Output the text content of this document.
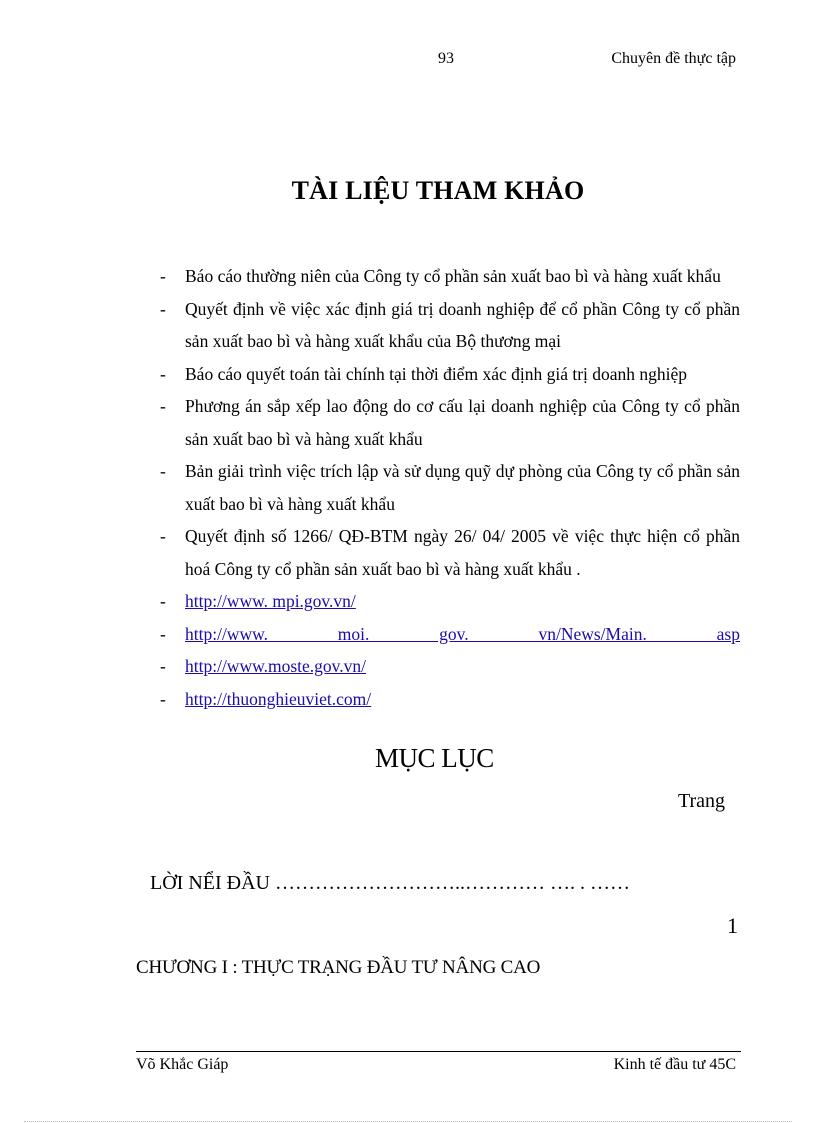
93	Chuyên đề thực tập
TÀI LIỆU THAM KHẢO
- Báo cáo thường niên của Công ty cổ phần sản xuất bao bì và hàng xuất khẩu
- Quyết định về việc xác định giá trị doanh nghiệp để cổ phần Công ty cổ phần sản xuất bao bì và hàng xuất khẩu của Bộ thương mại
- Báo cáo quyết toán tài chính tại thời điểm xác định giá trị doanh nghiệp
- Phương án sắp xếp lao động do cơ cấu lại doanh nghiệp của Công ty cổ phần sản xuất bao bì và hàng xuất khẩu
- Bản giải trình việc trích lập và sử dụng quỹ dự phòng của Công ty cổ phần sản xuất bao bì và hàng xuất khẩu
- Quyết định số 1266/ QĐ-BTM ngày 26/ 04/ 2005 về việc thực hiện cổ phần hoá Công ty cổ phần sản xuất bao bì và hàng xuất khẩu .
- http://www. mpi.gov.vn/
- http://www. moi. gov. vn/News/Main. asp
- http://www.moste.gov.vn/
- http://thuonghieuviet.com/
MỤC LỤC
Trang
LỜI NỂI ĐẦU ………………………..………… …. . ……
1
CHƯƠNG I : THỰC TRẠNG ĐẦU TƯ NÂNG CAO
Võ Khắc Giáp	Kinh tế đầu tư 45C
